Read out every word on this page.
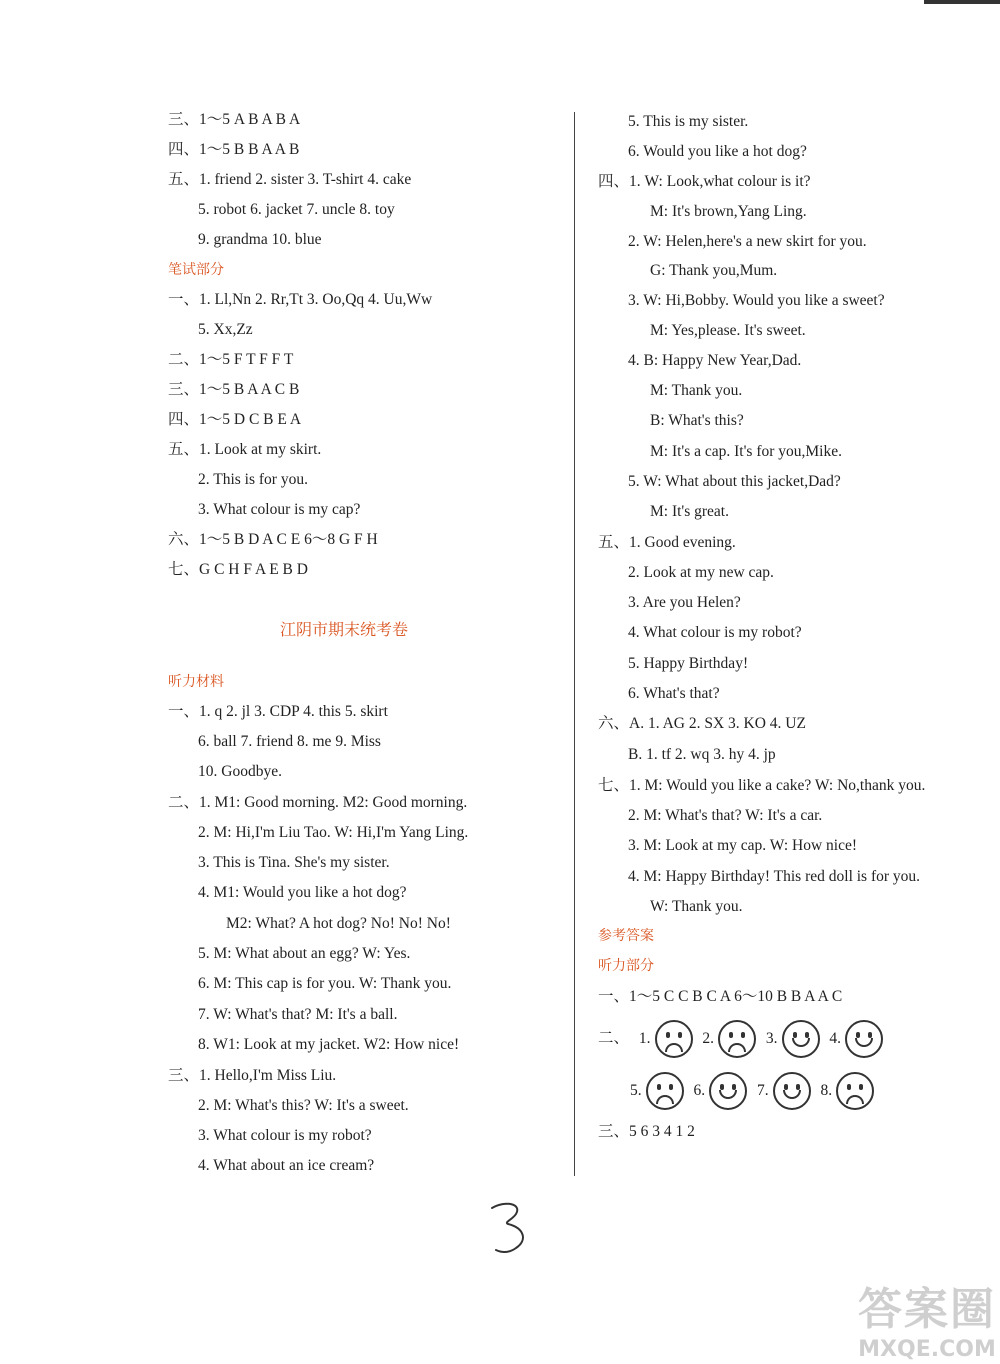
三、1～5 A B A B A
四、1～5 B B A A B
五、1. friend 2. sister 3. T-shirt 4. cake
5. robot 6. jacket 7. uncle 8. toy
9. grandma 10. blue
笔试部分
一、1. Ll,Nn 2. Rr,Tt 3. Oo,Qq 4. Uu,Ww
5. Xx,Zz
二、1～5 F T F F T
三、1～5 B A A C B
四、1～5 D C B E A
五、1. Look at my skirt.
2. This is for you.
3. What colour is my cap?
六、1～5 B D A C E 6～8 G F H
七、G C H F A E B D
江阴市期末统考卷
听力材料
一、1. q 2. jl 3. CDP 4. this 5. skirt
6. ball 7. friend 8. me 9. Miss
10. Goodbye.
二、1. M1: Good morning. M2: Good morning.
2. M: Hi,I'm Liu Tao. W: Hi,I'm Yang Ling.
3. This is Tina. She's my sister.
4. M1: Would you like a hot dog?
M2: What? A hot dog? No! No! No!
5. M: What about an egg? W: Yes.
6. M: This cap is for you. W: Thank you.
7. W: What's that? M: It's a ball.
8. W1: Look at my jacket. W2: How nice!
三、1. Hello,I'm Miss Liu.
2. M: What's this? W: It's a sweet.
3. What colour is my robot?
4. What about an ice cream?
5. This is my sister.
6. Would you like a hot dog?
四、1. W: Look,what colour is it?
M: It's brown,Yang Ling.
2. W: Helen,here's a new skirt for you.
G: Thank you,Mum.
3. W: Hi,Bobby. Would you like a sweet?
M: Yes,please. It's sweet.
4. B: Happy New Year,Dad.
M: Thank you.
B: What's this?
M: It's a cap. It's for you,Mike.
5. W: What about this jacket,Dad?
M: It's great.
五、1. Good evening.
2. Look at my new cap.
3. Are you Helen?
4. What colour is my robot?
5. Happy Birthday!
6. What's that?
六、A. 1. AG 2. SX 3. KO 4. UZ
B. 1. tf 2. wq 3. hy 4. jp
七、1. M: Would you like a cake? W: No,thank you.
2. M: What's that? W: It's a car.
3. M: Look at my cap. W: How nice!
4. M: Happy Birthday! This red doll is for you.
W: Thank you.
参考答案
听力部分
一、1～5 C C B C A 6～10 B B A A C
二、 1.	2.	3.	4.
5.	6.	7.	8.
三、5 6 3 4 1 2
答案圈
MXQE.COM
